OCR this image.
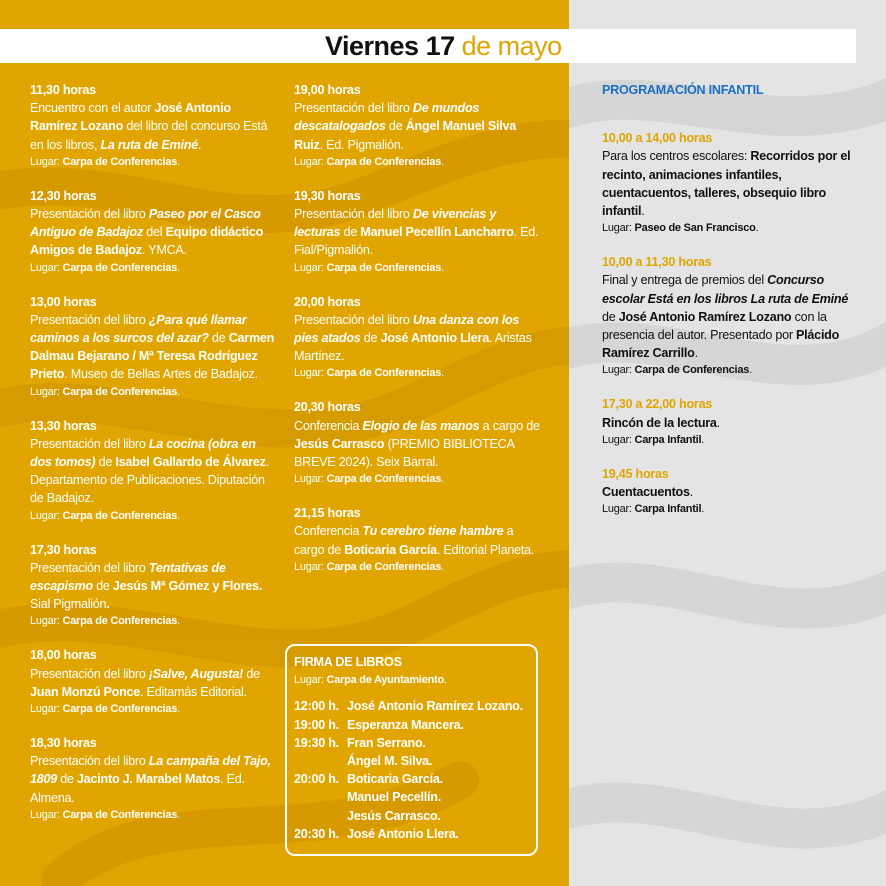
Viernes 17 de mayo
11,30 horas
Encuentro con el autor José Antonio Ramírez Lozano del libro del concurso Está en los libros, La ruta de Eminé.
Lugar: Carpa de Conferencias.
12,30 horas
Presentación del libro Paseo por el Casco Antiguo de Badajoz del Equipo didáctico Amigos de Badajoz. YMCA.
Lugar: Carpa de Conferencias.
13,00 horas
Presentación del libro ¿Para qué llamar caminos a los surcos del azar? de Carmen Dalmau Bejarano / Mª Teresa Rodríguez Prieto. Museo de Bellas Artes de Badajoz.
Lugar: Carpa de Conferencias.
13,30 horas
Presentación del libro La cocina (obra en dos tomos) de Isabel Gallardo de Álvarez. Departamento de Publicaciones. Diputación de Badajoz.
Lugar: Carpa de Conferencias.
17,30 horas
Presentación del libro Tentativas de escapismo de Jesús Mª Gómez y Flores. Sial Pigmalión.
Lugar: Carpa de Conferencias.
18,00 horas
Presentación del libro ¡Salve, Augusta! de Juan Monzú Ponce. Editamás Editorial.
Lugar: Carpa de Conferencias.
18,30 horas
Presentación del libro La campaña del Tajo, 1809 de Jacinto J. Marabel Matos. Ed. Almena.
Lugar: Carpa de Conferencias.
19,00 horas
Presentación del libro De mundos descatalogados de Ángel Manuel Silva Ruiz. Ed. Pigmalión.
Lugar: Carpa de Conferencias.
19,30 horas
Presentación del libro De vivencias y lecturas de Manuel Pecellín Lancharro. Ed. Fial/Pigmalión.
Lugar: Carpa de Conferencias.
20,00 horas
Presentación del libro Una danza con los pies atados de José Antonio Llera. Aristas Martínez.
Lugar: Carpa de Conferencias.
20,30 horas
Conferencia Elogio de las manos a cargo de Jesús Carrasco (PREMIO BIBLIOTECA BREVE 2024). Seix Barral.
Lugar: Carpa de Conferencias.
21,15 horas
Conferencia Tu cerebro tiene hambre a cargo de Boticaria García. Editorial Planeta.
Lugar: Carpa de Conferencias.
FIRMA DE LIBROS
Lugar: Carpa de Ayuntamiento.
12:00 h. José Antonio Ramírez Lozano.
19:00 h. Esperanza Mancera.
19:30 h. Fran Serrano.
Ángel M. Silva.
20:00 h. Boticaria García.
Manuel Pecellín.
Jesús Carrasco.
20:30 h. José Antonio Llera.
PROGRAMACIÓN INFANTIL
10,00 a 14,00 horas
Para los centros escolares: Recorridos por el recinto, animaciones infantiles, cuentacuentos, talleres, obsequio libro infantil.
Lugar: Paseo de San Francisco.
10,00 a 11,30 horas
Final y entrega de premios del Concurso escolar Está en los libros La ruta de Eminé de José Antonio Ramírez Lozano con la presencia del autor. Presentado por Plácido Ramírez Carrillo.
Lugar: Carpa de Conferencias.
17,30 a 22,00 horas
Rincón de la lectura.
Lugar: Carpa Infantil.
19,45 horas
Cuentacuentos.
Lugar: Carpa Infantil.
